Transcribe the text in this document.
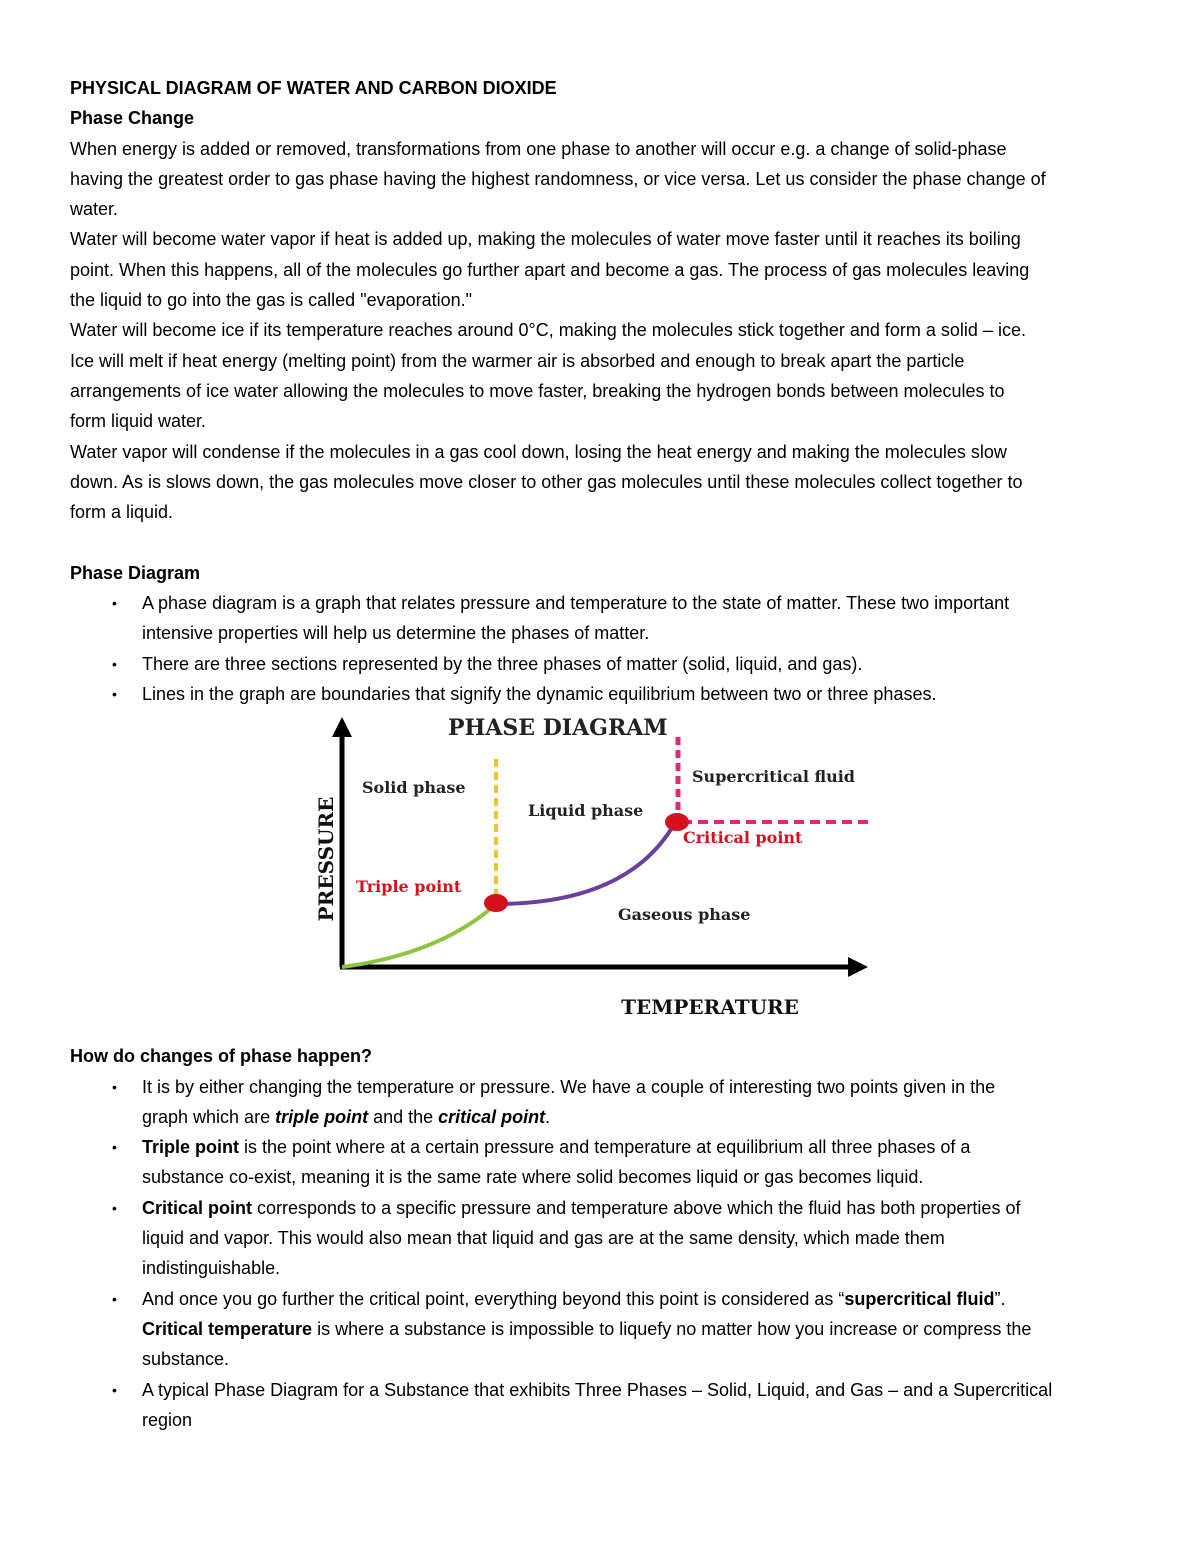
PHYSICAL DIAGRAM OF WATER AND CARBON DIOXIDE

Phase Change

When energy is added or removed, transformations from one phase to another will occur e.g. a change of solid-phase

having the greatest order to gas phase having the highest randomness, or vice versa. Let us consider the phase change of

water.

Water will become water vapor if heat is added up, making the molecules of water move faster until it reaches its boiling

point. When this happens, all of the molecules go further apart and become a gas. The process of gas molecules leaving

the liquid to go into the gas is called "evaporation."

Water will become ice if its temperature reaches around 0°C, making the molecules stick together and form a solid – ice.

Ice will melt if heat energy (melting point) from the warmer air is absorbed and enough to break apart the particle

arrangements of ice water allowing the molecules to move faster, breaking the hydrogen bonds between molecules to

form liquid water.

Water vapor will condense if the molecules in a gas cool down, losing the heat energy and making the molecules slow

down. As is slows down, the gas molecules move closer to other gas molecules until these molecules collect together to

form a liquid.

Phase Diagram

• A phase diagram is a graph that relates pressure and temperature to the state of matter. These two important
intensive properties will help us determine the phases of matter.
• There are three sections represented by the three phases of matter (solid, liquid, and gas).
• Lines in the graph are boundaries that signify the dynamic equilibrium between two or three phases.
PHASE DIAGRAM
PRESSURE
TEMPERATURE
Solid phase
Liquid phase
Gaseous phase
Supercritical fluid
Triple point
Critical point

How do changes of phase happen?

• It is by either changing the temperature or pressure. We have a couple of interesting two points given in the
graph which are triple point and the critical point.
• Triple point is the point where at a certain pressure and temperature at equilibrium all three phases of a
substance co-exist, meaning it is the same rate where solid becomes liquid or gas becomes liquid.
• Critical point corresponds to a specific pressure and temperature above which the fluid has both properties of
liquid and vapor. This would also mean that liquid and gas are at the same density, which made them
indistinguishable.
• And once you go further the critical point, everything beyond this point is considered as “supercritical fluid”.
Critical temperature is where a substance is impossible to liquefy no matter how you increase or compress the
substance.
• A typical Phase Diagram for a Substance that exhibits Three Phases – Solid, Liquid, and Gas – and a Supercritical
region
